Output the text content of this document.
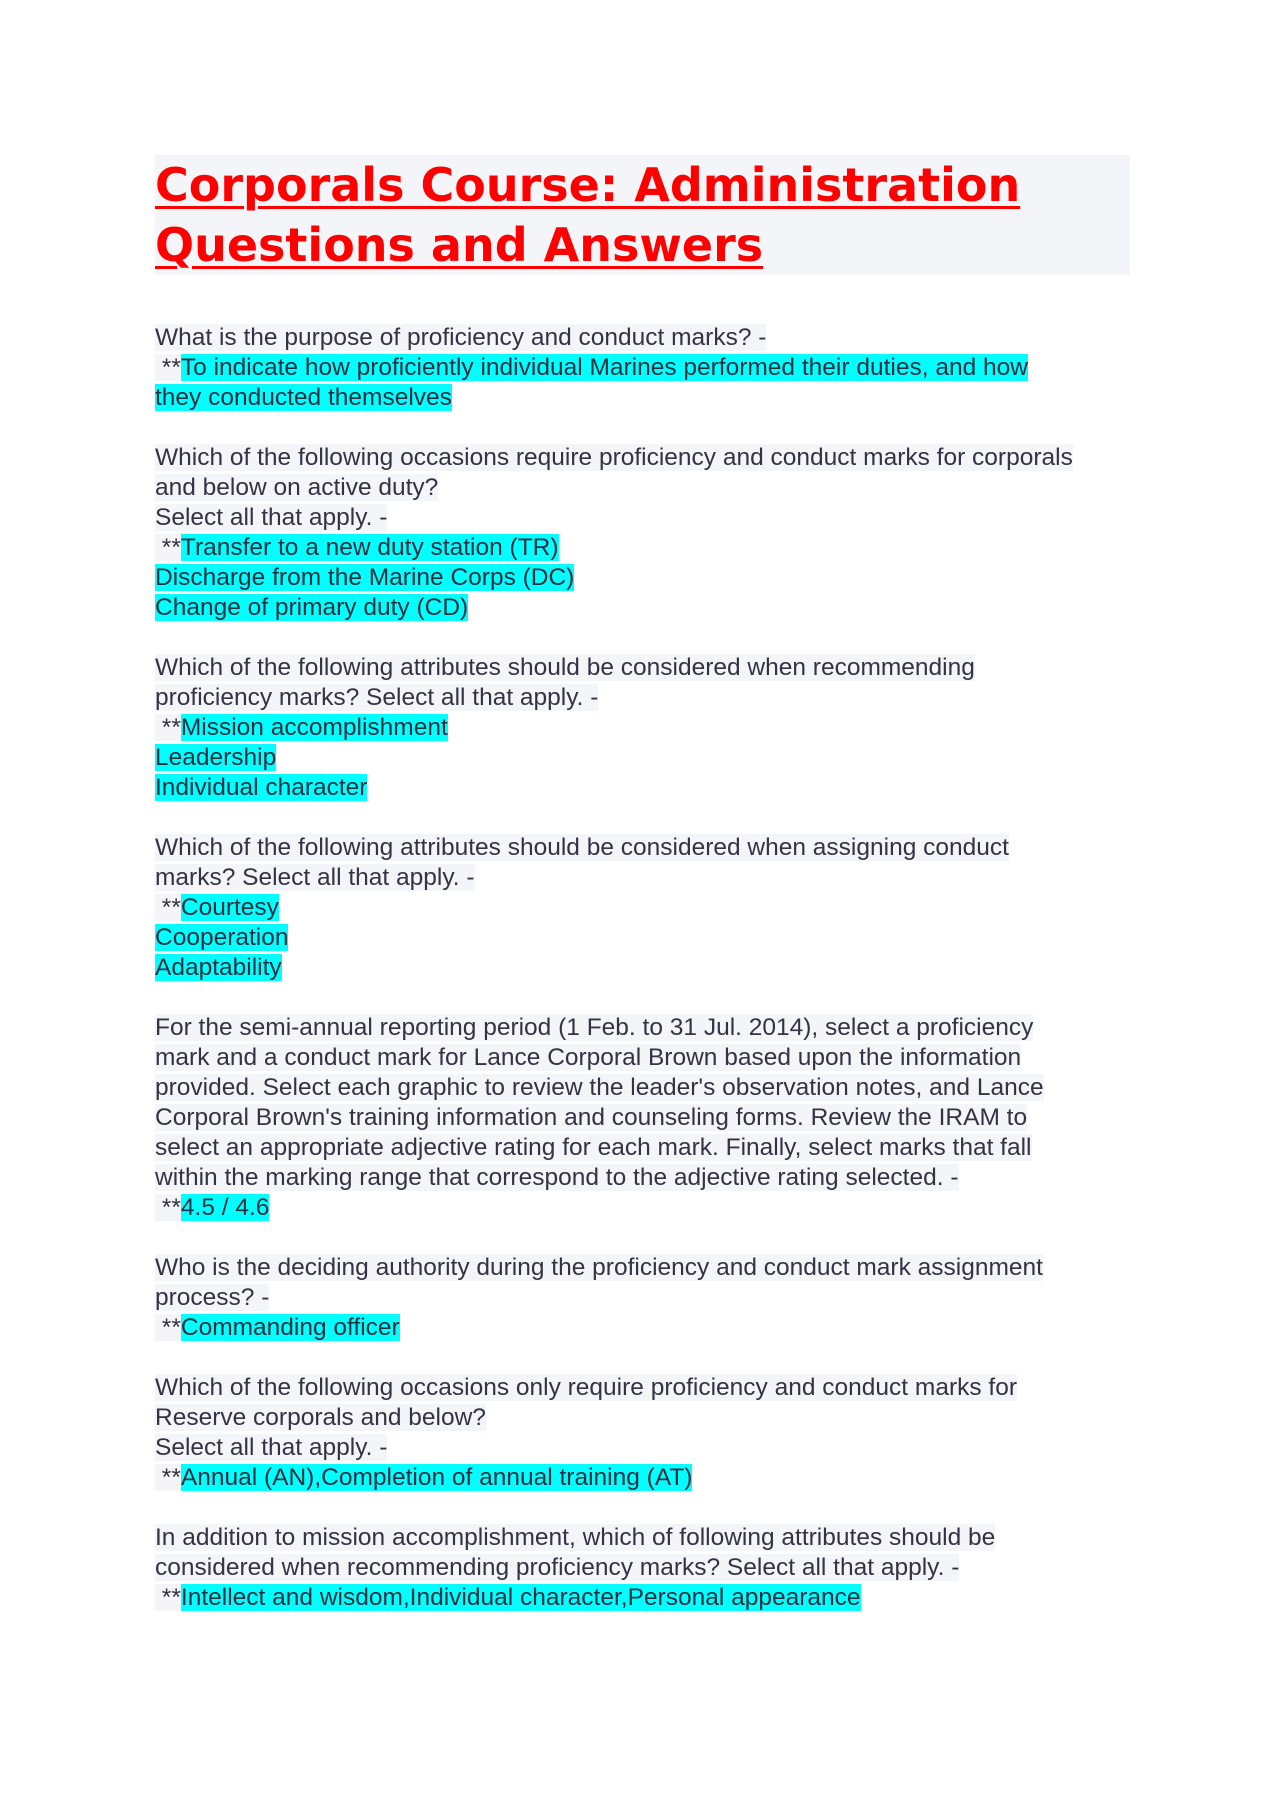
Corporals Course: Administration
Questions and Answers
What is the purpose of proficiency and conduct marks? -
**To indicate how proficiently individual Marines performed their duties, and how
they conducted themselves
Which of the following occasions require proficiency and conduct marks for corporals
and below on active duty?
Select all that apply. -
**Transfer to a new duty station (TR)
Discharge from the Marine Corps (DC)
Change of primary duty (CD)
Which of the following attributes should be considered when recommending
proficiency marks? Select all that apply. -
**Mission accomplishment
Leadership
Individual character
Which of the following attributes should be considered when assigning conduct
marks? Select all that apply. -
**Courtesy
Cooperation
Adaptability
For the semi-annual reporting period (1 Feb. to 31 Jul. 2014), select a proficiency
mark and a conduct mark for Lance Corporal Brown based upon the information
provided. Select each graphic to review the leader's observation notes, and Lance
Corporal Brown's training information and counseling forms. Review the IRAM to
select an appropriate adjective rating for each mark. Finally, select marks that fall
within the marking range that correspond to the adjective rating selected. -
**4.5 / 4.6
Who is the deciding authority during the proficiency and conduct mark assignment
process? -
**Commanding officer
Which of the following occasions only require proficiency and conduct marks for
Reserve corporals and below?
Select all that apply. -
**Annual (AN),Completion of annual training (AT)
In addition to mission accomplishment, which of following attributes should be
considered when recommending proficiency marks? Select all that apply. -
**Intellect and wisdom,Individual character,Personal appearance
